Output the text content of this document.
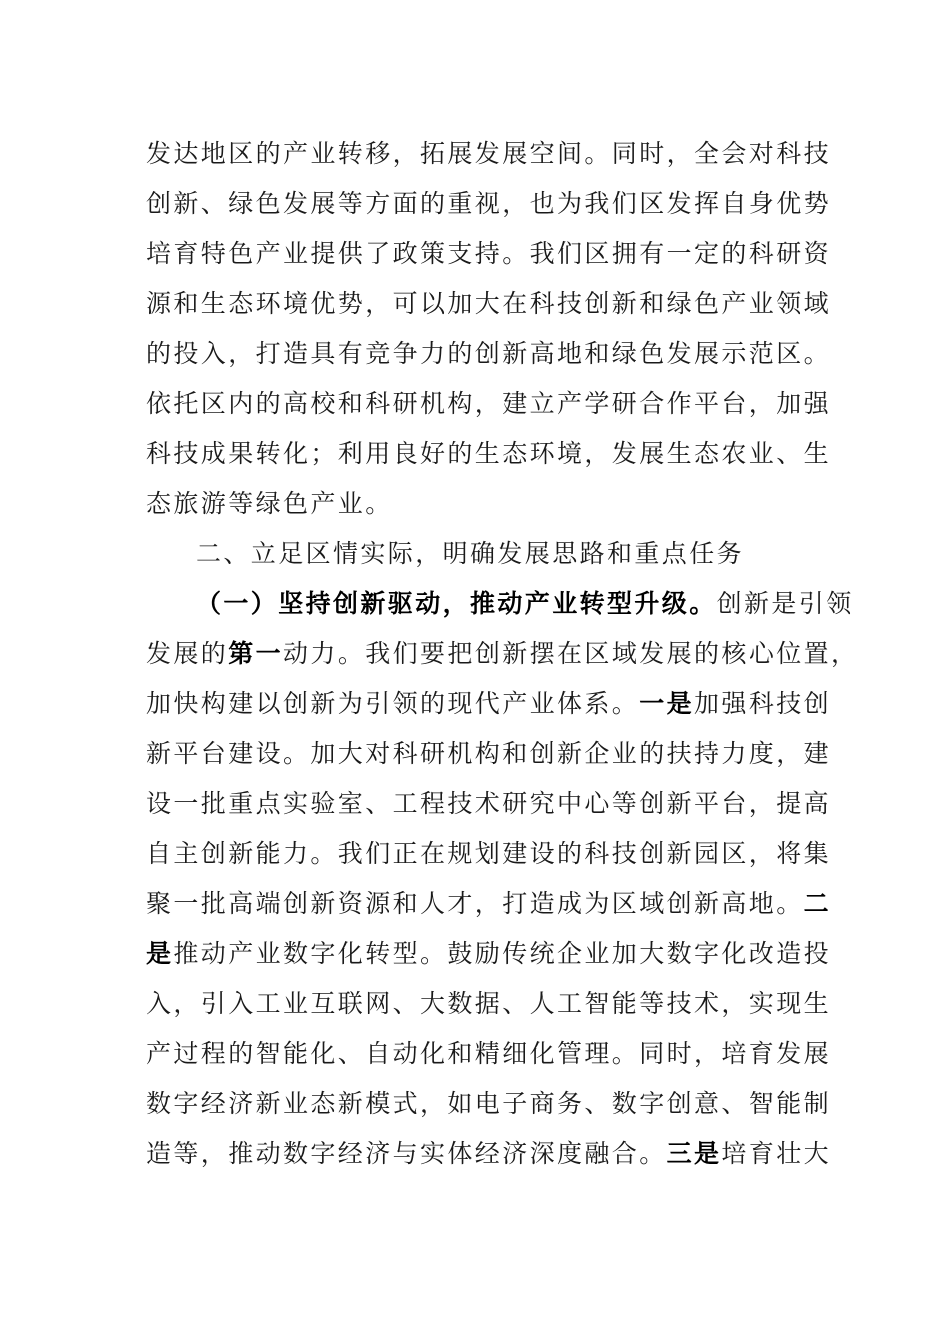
发达地区的产业转移，拓展发展空间。同时，全会对科技
创新、绿色发展等方面的重视，也为我们区发挥自身优势
培育特色产业提供了政策支持。我们区拥有一定的科研资
源和生态环境优势，可以加大在科技创新和绿色产业领域
的投入，打造具有竞争力的创新高地和绿色发展示范区。
依托区内的高校和科研机构，建立产学研合作平台，加强
科技成果转化；利用良好的生态环境，发展生态农业、生
态旅游等绿色产业。
二、立足区情实际，明确发展思路和重点任务
（一）坚持创新驱动，推动产业转型升级。创新是引领
发展的第一动力。我们要把创新摆在区域发展的核心位置，
加快构建以创新为引领的现代产业体系。一是加强科技创
新平台建设。加大对科研机构和创新企业的扶持力度，建
设一批重点实验室、工程技术研究中心等创新平台，提高
自主创新能力。我们正在规划建设的科技创新园区，将集
聚一批高端创新资源和人才，打造成为区域创新高地。二
是推动产业数字化转型。鼓励传统企业加大数字化改造投
入，引入工业互联网、大数据、人工智能等技术，实现生
产过程的智能化、自动化和精细化管理。同时，培育发展
数字经济新业态新模式，如电子商务、数字创意、智能制
造等，推动数字经济与实体经济深度融合。三是培育壮大
